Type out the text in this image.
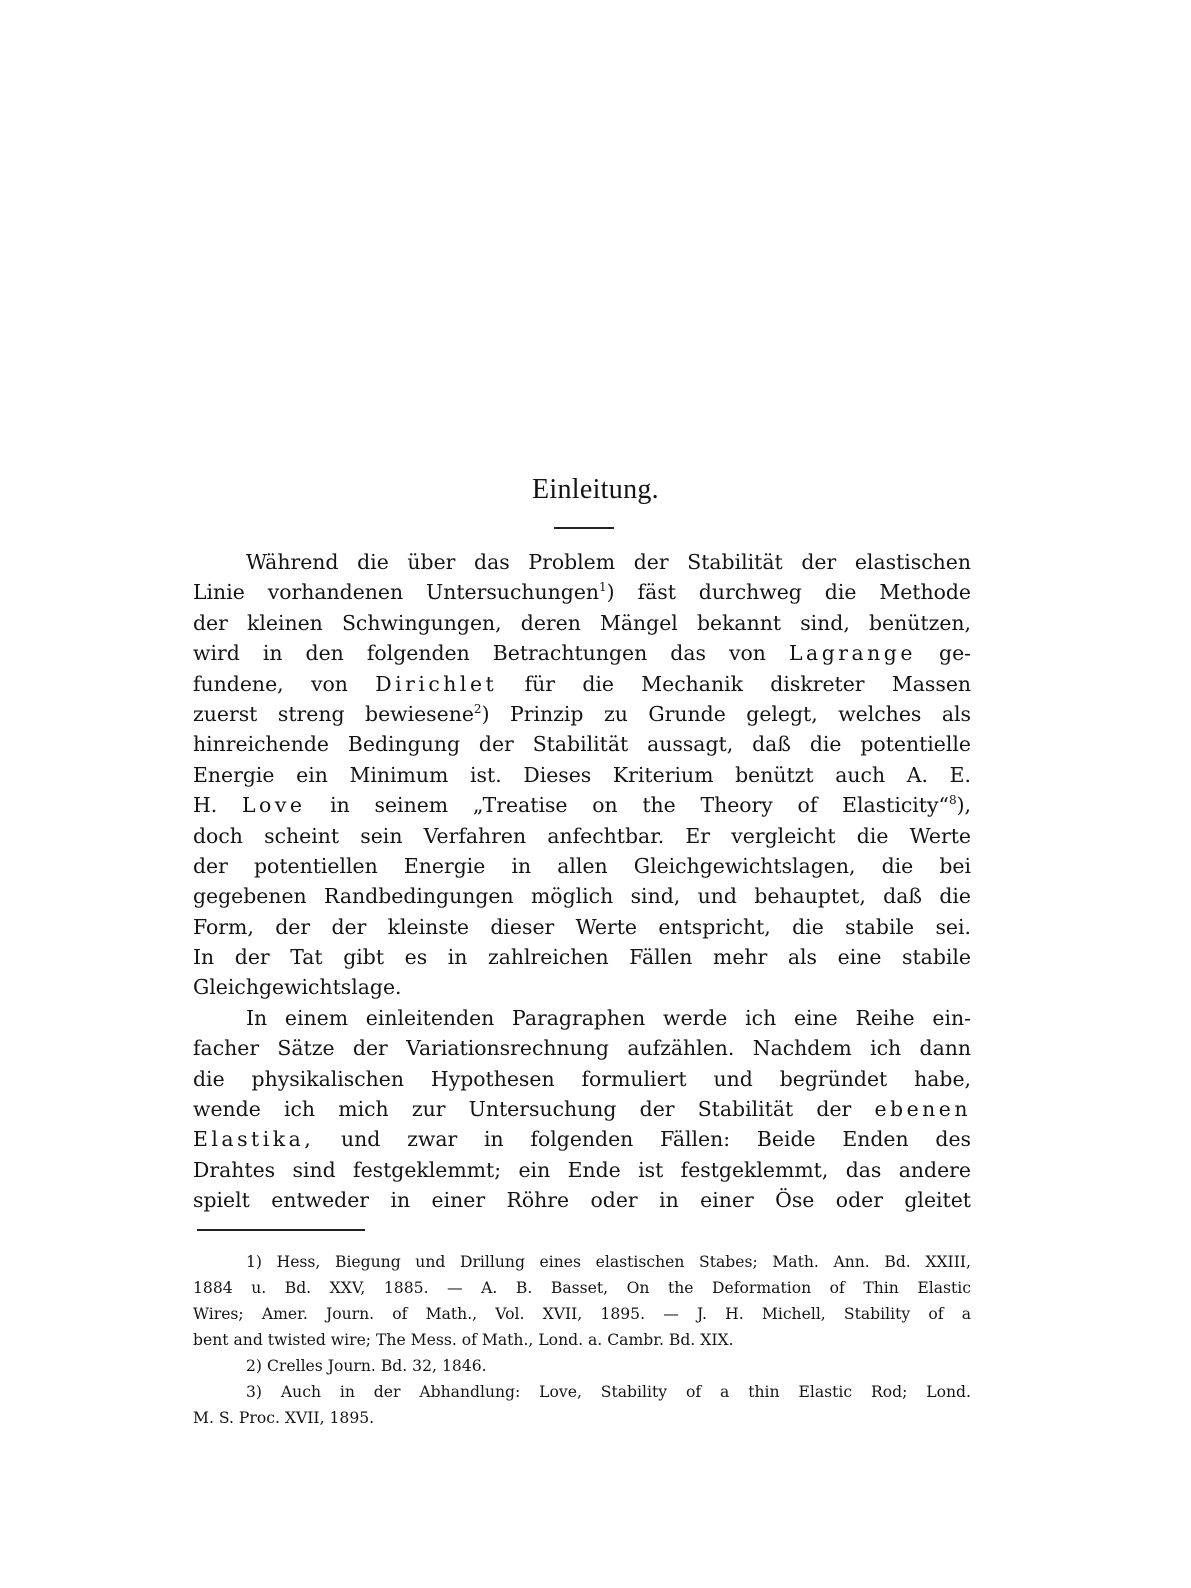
Einleitung.
Während die über das Problem der Stabilität der elastischen
Linie vorhandenen Untersuchungen$^1$) fäst durchweg die Methode
der kleinen Schwingungen, deren Mängel bekannt sind, benützen,
wird in den folgenden Betrachtungen das von Lagrange ge-
fundene, von Dirichlet für die Mechanik diskreter Massen
zuerst streng bewiesene$^2$) Prinzip zu Grunde gelegt, welches als
hinreichende Bedingung der Stabilität aussagt, daß die potentielle
Energie ein Minimum ist. Dieses Kriterium benützt auch A. E.
H. Love in seinem „Treatise on the Theory of Elasticity“$^8$),
doch scheint sein Verfahren anfechtbar. Er vergleicht die Werte
der potentiellen Energie in allen Gleichgewichtslagen, die bei
gegebenen Randbedingungen möglich sind, und behauptet, daß die
Form, der der kleinste dieser Werte entspricht, die stabile sei.
In der Tat gibt es in zahlreichen Fällen mehr als eine stabile
Gleichgewichtslage.
In einem einleitenden Paragraphen werde ich eine Reihe ein-
facher Sätze der Variationsrechnung aufzählen. Nachdem ich dann
die physikalischen Hypothesen formuliert und begründet habe,
wende ich mich zur Untersuchung der Stabilität der ebenen
Elastika, und zwar in folgenden Fällen: Beide Enden des
Drahtes sind festgeklemmt; ein Ende ist festgeklemmt, das andere
spielt entweder in einer Röhre oder in einer Öse oder gleitet
1) Hess, Biegung und Drillung eines elastischen Stabes; Math. Ann. Bd. XXIII,
1884 u. Bd. XXV, 1885. — A. B. Basset, On the Deformation of Thin Elastic
Wires; Amer. Journ. of Math., Vol. XVII, 1895. — J. H. Michell, Stability of a
bent and twisted wire; The Mess. of Math., Lond. a. Cambr. Bd. XIX.
2) Crelles Journ. Bd. 32, 1846.
3) Auch in der Abhandlung: Love, Stability of a thin Elastic Rod; Lond.
M. S. Proc. XVII, 1895.
